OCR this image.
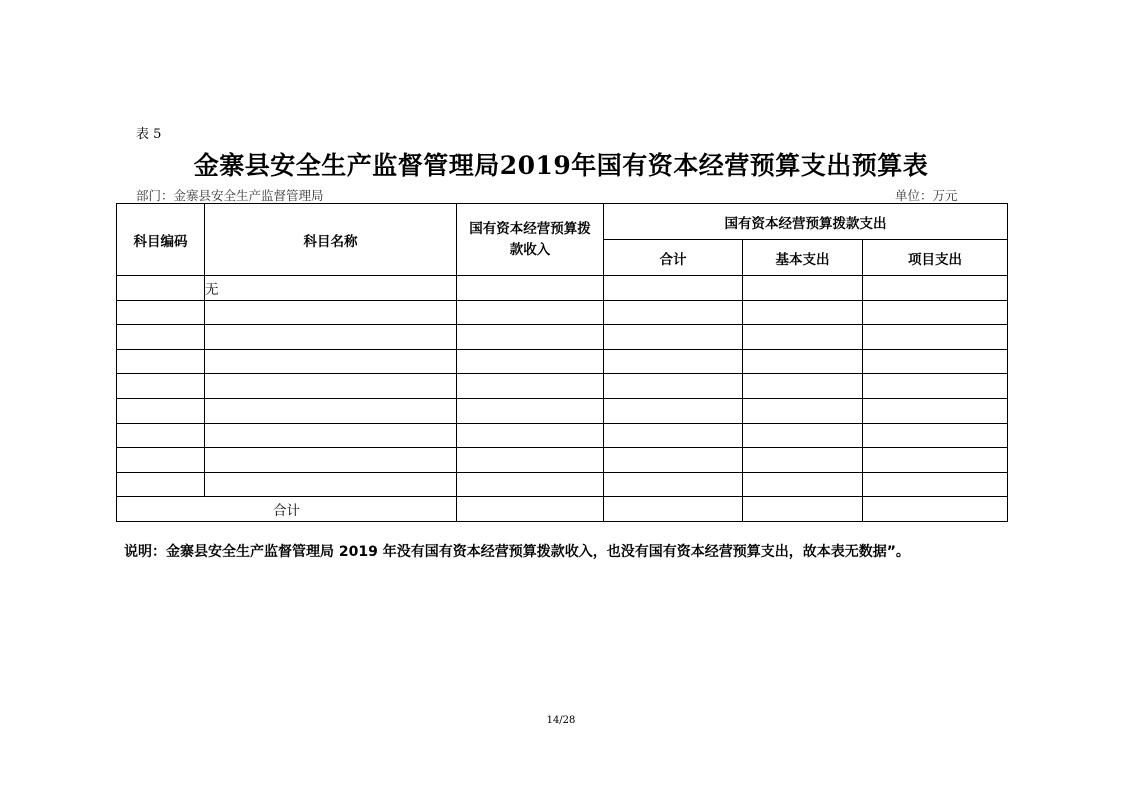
表 5
金寨县安全生产监督管理局2019年国有资本经营预算支出预算表
部门：金寨县安全生产监督管理局	单位：万元
科目编码	科目名称	国有资本经营预算拨款收入	国有资本经营预算拨款支出		
			合计	基本支出	项目支出
	无				

合计					
说明：金寨县安全生产监督管理局 2019 年没有国有资本经营预算拨款收入，也没有国有资本经营预算支出，故本表无数据”。
14/28
